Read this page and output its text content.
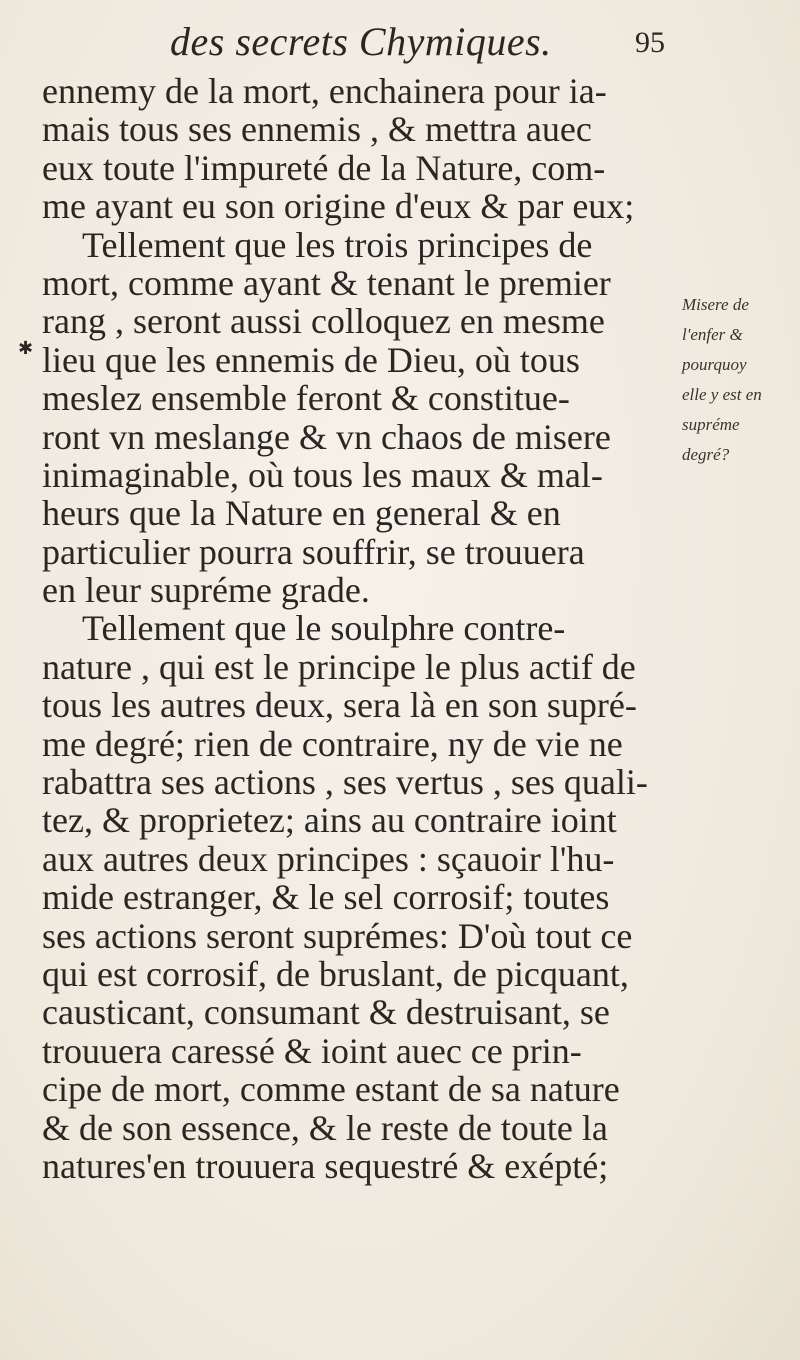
des secrets Chymiques.	95
✱
ennemy de la mort, enchainera pour ia-
mais tous ses ennemis , & mettra auec
eux toute l'impureté de la Nature, com-
me ayant eu son origine d'eux & par eux;
Tellement que les trois principes de
mort, comme ayant & tenant le premier
rang , seront aussi colloquez en mesme
lieu que les ennemis de Dieu, où tous
meslez ensemble feront & constitue-
ront vn meslange & vn chaos de misere
inimaginable, où tous les maux & mal-
heurs que la Nature en general & en
particulier pourra souffrir, se trouuera
en leur supréme grade.
Tellement que le soulphre contre-
nature , qui est le principe le plus actif de
tous les autres deux, sera là en son supré-
me degré; rien de contraire, ny de vie ne
rabattra ses actions , ses vertus , ses quali-
tez, & proprietez; ains au contraire ioint
aux autres deux principes : sçauoir l'hu-
mide estranger, & le sel corrosif; toutes
ses actions seront suprémes: D'où tout ce
qui est corrosif, de bruslant, de picquant,
causticant, consumant & destruisant, se
trouuera caressé & ioint auec ce prin-
cipe de mort, comme estant de sa nature
& de son essence, & le reste de toute la
natures'en trouuera sequestré & exépté;
Misere de
l'enfer &
pourquoy
elle y est en
supréme
degré?
